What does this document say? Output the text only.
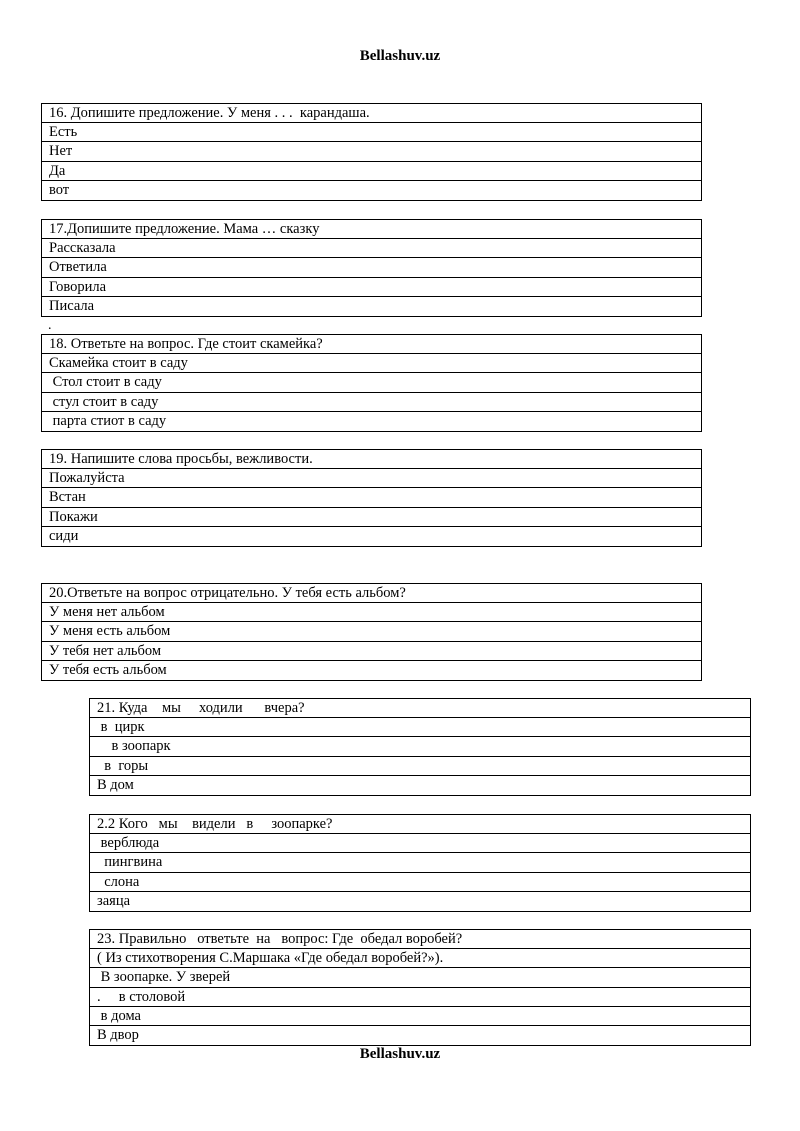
Bellashuv.uz
16. Допишите предложение. У меня . . .  карандаша.
Есть
Нет
Да
вот
17.Допишите предложение. Мама … сказку
Рассказала
Ответила
Говорила
Писала
.
18. Ответьте на вопрос. Где стоит скамейка?
Скамейка стоит в саду
Стол стоит в саду
стул стоит в саду
парта стиот в саду
19. Напишите слова просьбы, вежливости.
Пожалуйста
Встан
Покажи
сиди
20.Ответьте на вопрос отрицательно. У тебя есть альбом?
У меня нет альбом
У меня есть альбом
У тебя нет альбом
У тебя есть альбом
21. Куда    мы     ходили      вчера?
в  цирк
в зоопарк
в  горы
В дом
2.2 Кого   мы    видели   в     зоопарке?
верблюда
пингвина
слона
заяца
23. Правильно   ответьте  на   вопрос: Где  обедал воробей?
( Из стихотворения С.Маршака «Где обедал воробей?»).
В зоопарке. У зверей
.     в столовой
в дома
В двор
Bellashuv.uz
